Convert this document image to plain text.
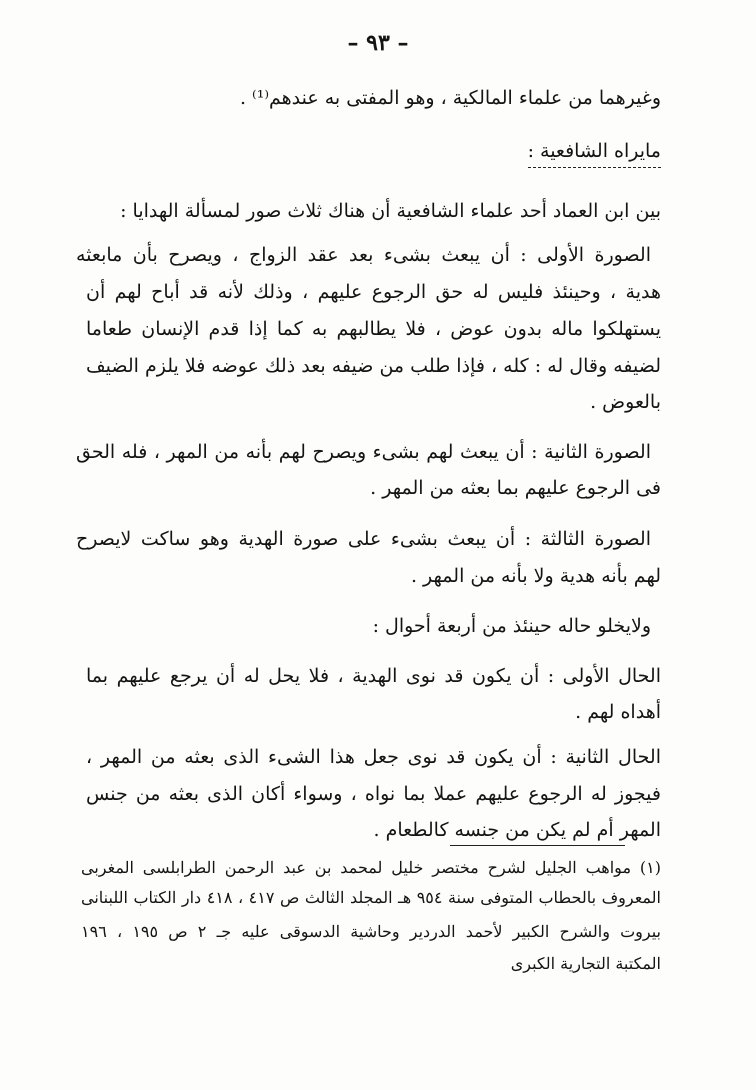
– ٩٣ –
وغيرهما من علماء المالكية ، وهو المفتى به عندهم⁽¹⁾ .
مايراه الشافعية :
بين ابن العماد أحد علماء الشافعية أن هناك ثلاث صور لمسألة الهدايا :
الصورة الأولى : أن يبعث بشىء بعد عقد الزواج ، ويصرح بأن مابعثه
هدية ، وحينئذ فليس له حق الرجوع عليهم ، وذلك لأنه قد أباح لهم أن
يستهلكوا ماله بدون عوض ، فلا يطالبهم به كما إذا قدم الإنسان طعاما
لضيفه وقال له : كله ، فإذا طلب من ضيفه بعد ذلك عوضه فلا يلزم الضيف
بالعوض .
الصورة الثانية : أن يبعث لهم بشىء ويصرح لهم بأنه من المهر ، فله الحق
فى الرجوع عليهم بما بعثه من المهر .
الصورة الثالثة : أن يبعث بشىء على صورة الهدية وهو ساكت لايصرح
لهم بأنه هدية ولا بأنه من المهر .
ولايخلو حاله حينئذ من أربعة أحوال :
الحال الأولى : أن يكون قد نوى الهدية ، فلا يحل له أن يرجع عليهم بما
أهداه لهم .
الحال الثانية : أن يكون قد نوى جعل هذا الشىء الذى بعثه من المهر ،
فيجوز له الرجوع عليهم عملا بما نواه ، وسواء أكان الذى بعثه من جنس
المهر أم لم يكن من جنسه كالطعام .
(١) مواهب الجليل لشرح مختصر خليل لمحمد بن عبد الرحمن الطرابلسى المغربى
المعروف بالحطاب المتوفى سنة ٩٥٤ هـ المجلد الثالث ص ٤١٧ ، ٤١٨ دار الكتاب اللبنانى
بيروت والشرح الكبير لأحمد الدردير وحاشية الدسوقى عليه جـ ٢ ص ١٩٥ ، ١٩٦
المكتبة التجارية الكبرى
